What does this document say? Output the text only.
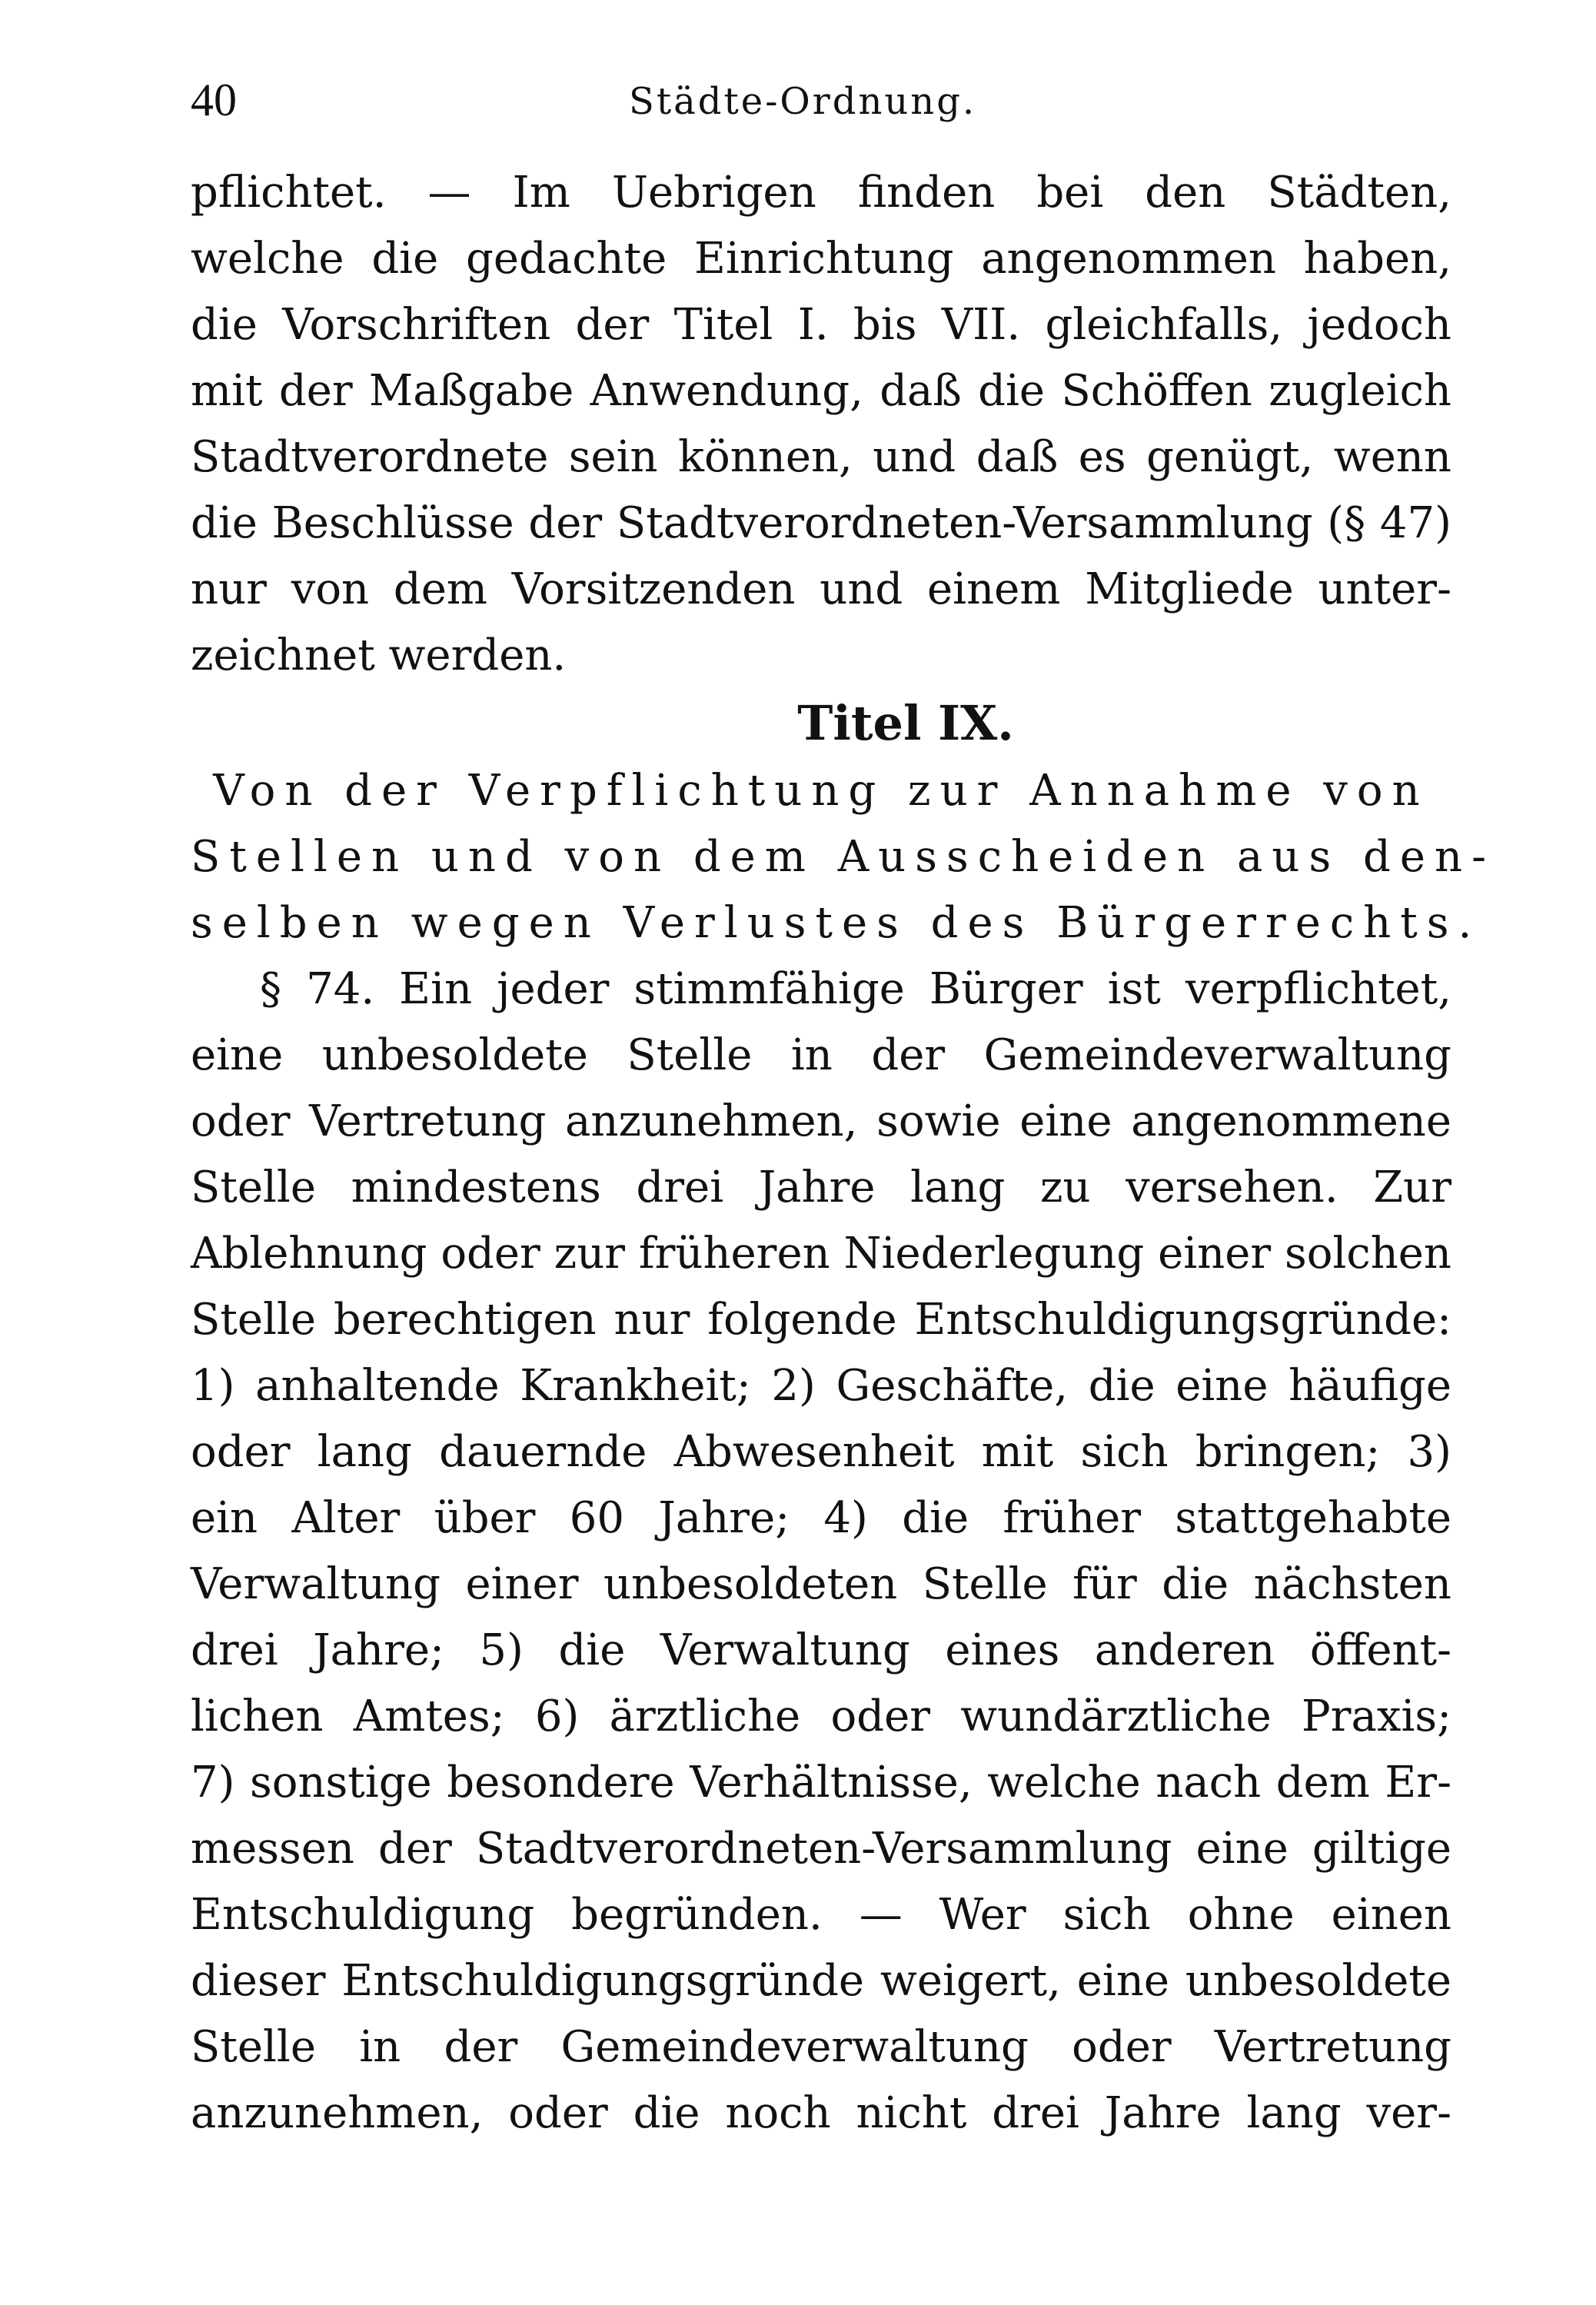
40	Städte-Ordnung.
pflichtet. — Im Uebrigen finden bei den Städten,
welche die gedachte Einrichtung angenommen haben,
die Vorschriften der Titel I. bis VII. gleichfalls, jedoch
mit der Maßgabe Anwendung, daß die Schöffen zugleich
Stadtverordnete sein können, und daß es genügt, wenn
die Beschlüsse der Stadtverordneten-Versammlung (§ 47)
nur von dem Vorsitzenden und einem Mitgliede unter-
zeichnet werden.
Titel IX.
Von der Verpflichtung zur Annahme von
Stellen und von dem Ausscheiden aus den-
selben wegen Verlustes des Bürgerrechts.
§ 74. Ein jeder stimmfähige Bürger ist verpflichtet,
eine unbesoldete Stelle in der Gemeindeverwaltung
oder Vertretung anzunehmen, sowie eine angenommene
Stelle mindestens drei Jahre lang zu versehen. Zur
Ablehnung oder zur früheren Niederlegung einer solchen
Stelle berechtigen nur folgende Entschuldigungsgründe:
1) anhaltende Krankheit; 2) Geschäfte, die eine häufige
oder lang dauernde Abwesenheit mit sich bringen; 3)
ein Alter über 60 Jahre; 4) die früher stattgehabte
Verwaltung einer unbesoldeten Stelle für die nächsten
drei Jahre; 5) die Verwaltung eines anderen öffent-
lichen Amtes; 6) ärztliche oder wundärztliche Praxis;
7) sonstige besondere Verhältnisse, welche nach dem Er-
messen der Stadtverordneten-Versammlung eine giltige
Entschuldigung begründen. — Wer sich ohne einen
dieser Entschuldigungsgründe weigert, eine unbesoldete
Stelle in der Gemeindeverwaltung oder Vertretung
anzunehmen, oder die noch nicht drei Jahre lang ver-
